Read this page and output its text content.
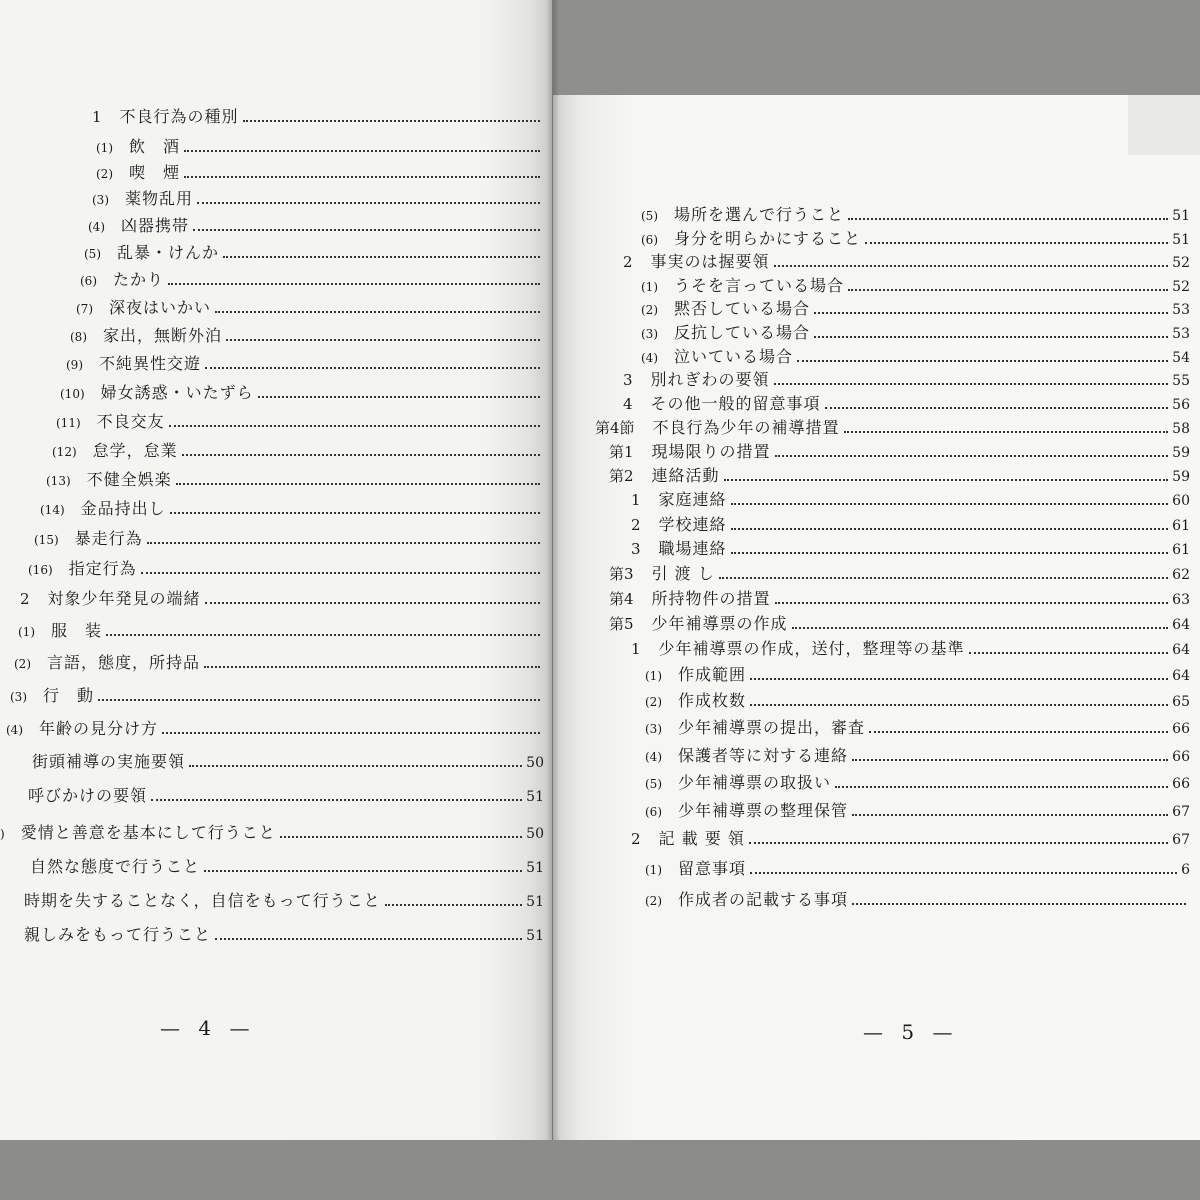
1 不良行為の種別
(1) 飲　酒
(2) 喫　煙
(3) 薬物乱用
(4) 凶器携帯
(5) 乱暴・けんか
(6) たかり
(7) 深夜はいかい
(8) 家出，無断外泊
(9) 不純異性交遊
(10) 婦女誘惑・いたずら
(11) 不良交友
(12) 怠学，怠業
(13) 不健全娯楽
(14) 金品持出し
(15) 暴走行為
(16) 指定行為
2 対象少年発見の端緒
(1) 服　装
(2) 言語，態度，所持品
(3) 行　動
(4) 年齢の見分け方
街頭補導の実施要領	50
呼びかけの要領	51
) 愛情と善意を基本にして行うこと	50
自然な態度で行うこと	51
時期を失することなく，自信をもって行うこと	51
親しみをもって行うこと	51
— 4 —
(5) 場所を選んで行うこと	51
(6) 身分を明らかにすること	51
2 事実のは握要領	52
(1) うそを言っている場合	52
(2) 黙否している場合	53
(3) 反抗している場合	53
(4) 泣いている場合	54
3 別れぎわの要領	55
4 その他一般的留意事項	56
第4節 不良行為少年の補導措置	58
第1 現場限りの措置	59
第2 連絡活動	59
1 家庭連絡	60
2 学校連絡	61
3 職場連絡	61
第3 引 渡 し	62
第4 所持物件の措置	63
第5 少年補導票の作成	64
1 少年補導票の作成，送付，整理等の基準	64
(1) 作成範囲	64
(2) 作成枚数	65
(3) 少年補導票の提出，審査	66
(4) 保護者等に対する連絡	66
(5) 少年補導票の取扱い	66
(6) 少年補導票の整理保管	67
2 記 載 要 領	67
(1) 留意事項	6
(2) 作成者の記載する事項
— 5 —
